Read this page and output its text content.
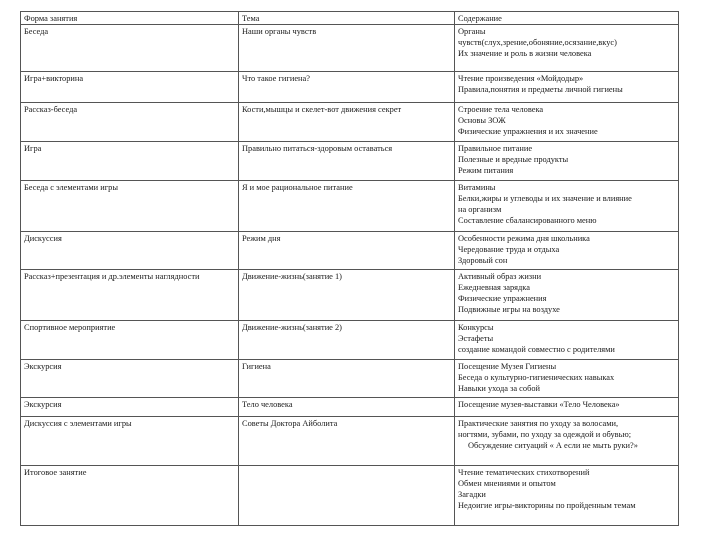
Форма занятия	Тема	Содержание
Беседа	Наши органы чувств	Органы
чувств(слух,зрение,обоняние,осязание,вкус)
Их значение и роль в жизни человека

Игра+викторина	Что такое гигиена?	Чтение произведения «Мойдодыр»
Правила,понятия и предметы личной гигиены

Рассказ-беседа	Кости,мышцы и скелет-вот движения секрет	Строение тела человека
Основы ЗОЖ
Физические упражнения и их значение

Игра	Правильно питаться-здоровым оставаться	Правильное питание
Полезные и вредные продукты
Режим питания

Беседа с элементами игры	Я и мое рациональное питание	Витамины
Белки,жиры и углеводы и их значение и влияние
на организм
Составление сбалансированного меню

Дискуссия	Режим дня	Особенности режима дня школьника
Чередование труда и отдыха
Здоровый сон

Рассказ+презентация и др.элементы наглядности	Движение-жизнь(занятие 1)	Активный образ жизни
Ежедневная зарядка
Физические упражнения
Подвижные игры на воздухе

Спортивное мероприятие	Движение-жизнь(занятие 2)	Конкурсы
Эстафеты
создание командой совместно с родителями

Экскурсия	Гигиена	Посещение Музея Гигиены
Беседа о культурно-гигиенических навыках
Навыки ухода за собой

Экскурсия	Тело человека	Посещение музея-выставки «Тело Человека»

Дискуссия с элементами игры	Советы Доктора Айболита	Практические занятия по уходу за волосами,
ногтями, зубами, по уходу за одеждой и обувью;
Обсуждение ситуаций « А если не мыть руки?»

Итоговое занятие		Чтение тематических стихотворений
Обмен мнениями и опытом
Загадки
Недоигие игры-викторины по пройденным темам
